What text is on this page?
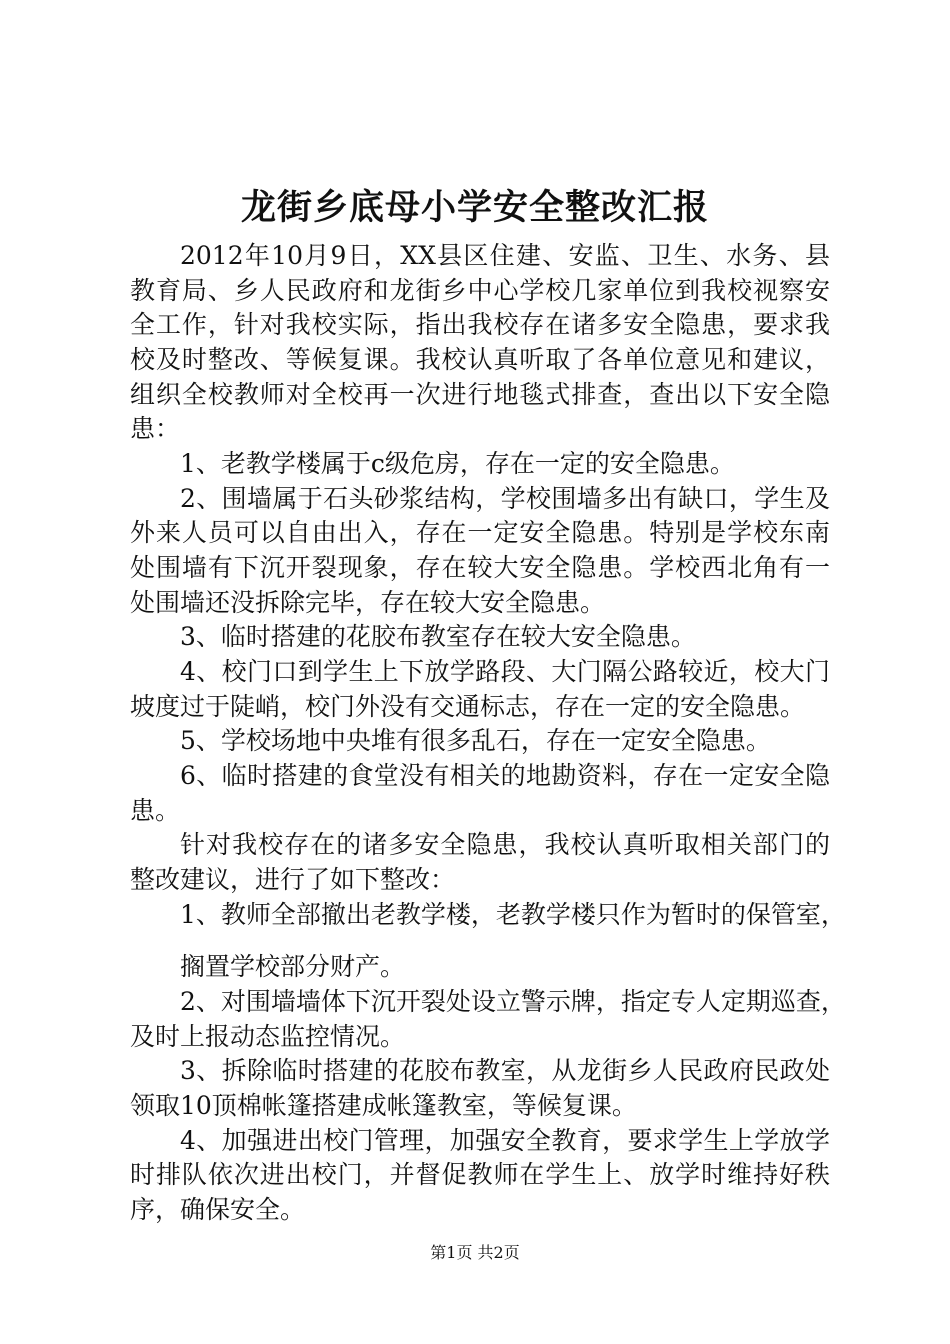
龙街乡底母小学安全整改汇报
2012年10月9日，XX县区住建、安监、卫生、水务、县
教育局、乡人民政府和龙街乡中心学校几家单位到我校视察安
全工作，针对我校实际，指出我校存在诸多安全隐患，要求我
校及时整改、等候复课。我校认真听取了各单位意见和建议，
组织全校教师对全校再一次进行地毯式排查，查出以下安全隐
患：
1、老教学楼属于c级危房，存在一定的安全隐患。
2、围墙属于石头砂浆结构，学校围墙多出有缺口，学生及
外来人员可以自由出入，存在一定安全隐患。特别是学校东南
处围墙有下沉开裂现象，存在较大安全隐患。学校西北角有一
处围墙还没拆除完毕，存在较大安全隐患。
3、临时搭建的花胶布教室存在较大安全隐患。
4、校门口到学生上下放学路段、大门隔公路较近，校大门
坡度过于陡峭，校门外没有交通标志，存在一定的安全隐患。
5、学校场地中央堆有很多乱石，存在一定安全隐患。
6、临时搭建的食堂没有相关的地勘资料，存在一定安全隐
患。
针对我校存在的诸多安全隐患，我校认真听取相关部门的
整改建议，进行了如下整改：
1、教师全部撤出老教学楼，老教学楼只作为暂时的保管室，
搁置学校部分财产。
2、对围墙墙体下沉开裂处设立警示牌，指定专人定期巡查，
及时上报动态监控情况。
3、拆除临时搭建的花胶布教室，从龙街乡人民政府民政处
领取10顶棉帐篷搭建成帐篷教室，等候复课。
4、加强进出校门管理，加强安全教育，要求学生上学放学
时排队依次进出校门，并督促教师在学生上、放学时维持好秩
序，确保安全。
第1页 共2页
